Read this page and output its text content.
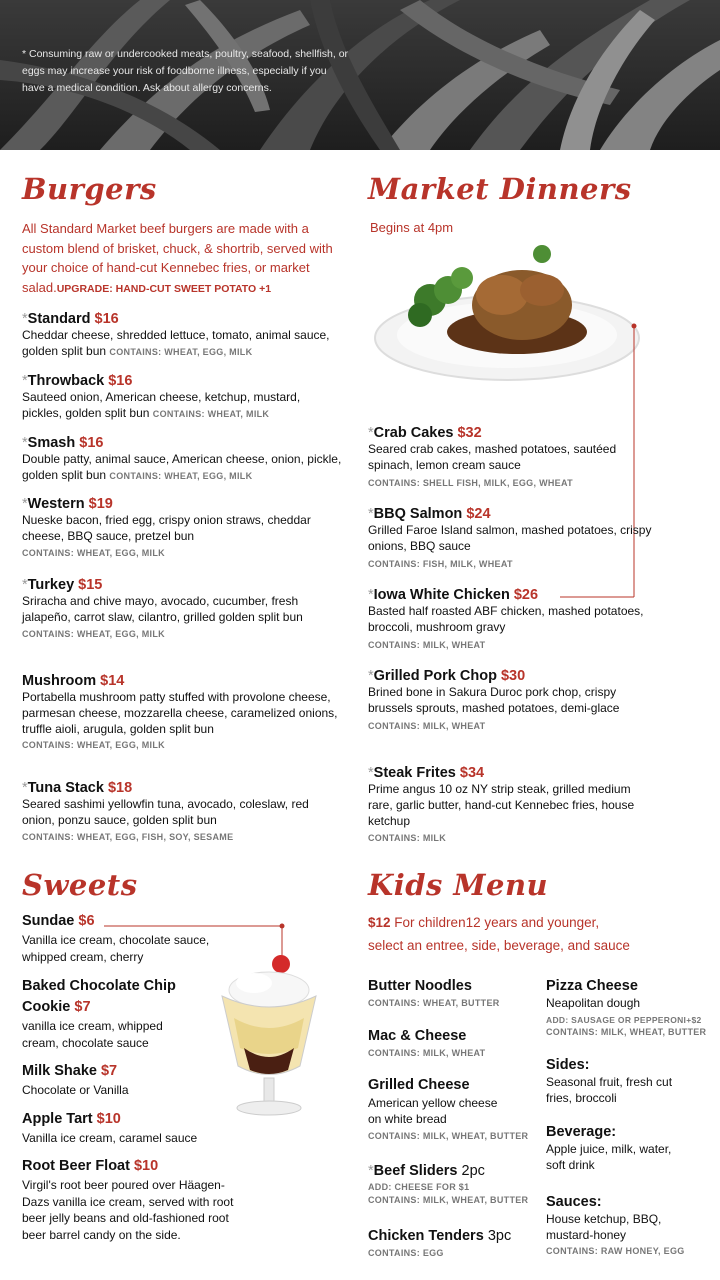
* Consuming raw or undercooked meats, poultry, seafood, shellfish, or eggs may increase your risk of foodborne illness, especially if you have a medical condition. Ask about allergy concerns.
Burgers
All Standard Market beef burgers are made with a custom blend of brisket, chuck, & shortrib, served with your choice of hand-cut Kennebec fries, or market salad.UPGRADE: HAND-CUT SWEET POTATO +1
*Standard $16
Cheddar cheese, shredded lettuce, tomato, animal sauce, golden split bun CONTAINS: WHEAT, EGG, MILK
*Throwback $16
Sauteed onion, American cheese, ketchup, mustard, pickles, golden split bun CONTAINS: WHEAT, MILK
*Smash $16
Double patty, animal sauce, American cheese, onion, pickle, golden split bun CONTAINS: WHEAT, EGG, MILK
*Western $19
Nueske bacon, fried egg, crispy onion straws, cheddar cheese, BBQ sauce, pretzel bun
CONTAINS: WHEAT, EGG, MILK
*Turkey $15
Sriracha and chive mayo, avocado, cucumber, fresh jalapeño, carrot slaw, cilantro, grilled golden split bun
CONTAINS: WHEAT, EGG, MILK
Mushroom $14
Portabella mushroom patty stuffed with provolone cheese, parmesan cheese, mozzarella cheese, caramelized onions, truffle aioli, arugula, golden split bun
CONTAINS: WHEAT, EGG, MILK
*Tuna Stack $18
Seared sashimi yellowfin tuna, avocado, coleslaw, red onion, ponzu sauce, golden split bun
CONTAINS: WHEAT, EGG, FISH, SOY, SESAME
Market Dinners
Begins at 4pm
*Crab Cakes $32
Seared crab cakes, mashed potatoes, sautéed spinach, lemon cream sauce
CONTAINS: SHELL FISH, MILK, EGG, WHEAT
*BBQ Salmon $24
Grilled Faroe Island salmon, mashed potatoes, crispy onions, BBQ sauce
CONTAINS: FISH, MILK, WHEAT
*Iowa White Chicken $26
Basted half roasted ABF chicken, mashed potatoes, broccoli, mushroom gravy
CONTAINS: MILK, WHEAT
*Grilled Pork Chop $30
Brined bone in Sakura Duroc pork chop, crispy brussels sprouts, mashed potatoes, demi-glace
CONTAINS: MILK, WHEAT
*Steak Frites $34
Prime angus 10 oz NY strip steak, grilled medium rare, garlic butter, hand-cut Kennebec fries, house ketchup
CONTAINS: MILK
Sweets
Sundae $6
Vanilla ice cream, chocolate sauce, whipped cream, cherry
Baked Chocolate Chip Cookie $7
vanilla ice cream, whipped cream, chocolate sauce
Milk Shake $7
Chocolate or Vanilla
Apple Tart $10
Vanilla ice cream, caramel sauce
Root Beer Float $10
Virgil's root beer poured over Häagen-Dazs vanilla ice cream, served with root beer jelly beans and old-fashioned root beer barrel candy on the side.
Kids Menu
$12 For children12 years and younger,
select an entree, side, beverage, and sauce
Butter Noodles
CONTAINS: WHEAT, BUTTER
Mac & Cheese
CONTAINS: MILK, WHEAT
Grilled Cheese
American yellow cheese on white bread
CONTAINS: MILK, WHEAT, BUTTER
*Beef Sliders 2pc
ADD: CHEESE FOR $1
CONTAINS: MILK, WHEAT, BUTTER
Chicken Tenders 3pc
CONTAINS: EGG
Pizza Cheese
Neapolitan dough
ADD: SAUSAGE OR PEPPERONI+$2
CONTAINS: MILK, WHEAT, BUTTER
Sides:
Seasonal fruit, fresh cut fries, broccoli
Beverage:
Apple juice, milk, water, soft drink
Sauces:
House ketchup, BBQ, mustard-honey
CONTAINS: RAW HONEY, EGG
